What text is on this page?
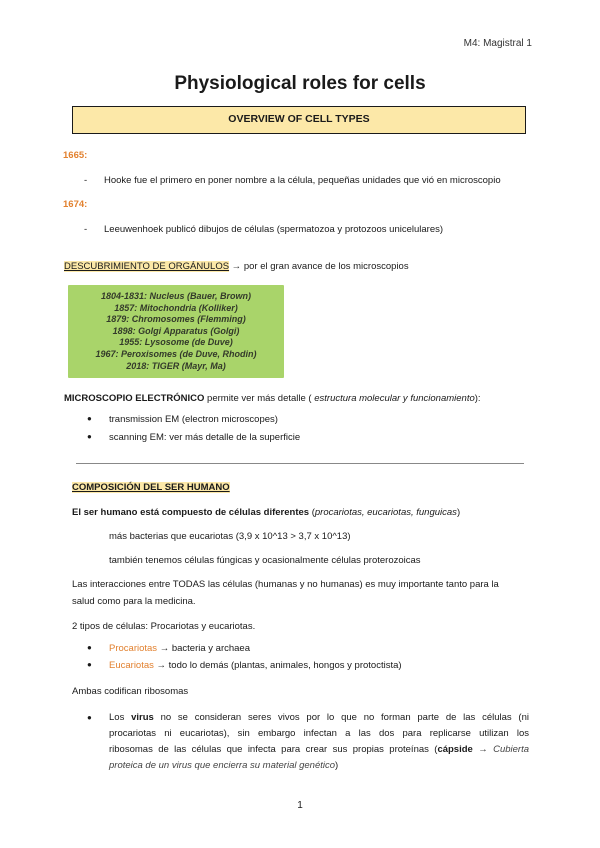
M4: Magistral 1
Physiological roles for cells
OVERVIEW OF CELL TYPES
1665:
- Hooke fue el primero en poner nombre a la célula, pequeñas unidades que vió en microscopio
1674:
- Leeuwenhoek publicó dibujos de células (spermatozoa y protozoos unicelulares)
DESCUBRIMIENTO DE ORGÁNULOS → por el gran avance de los microscopios
1804-1831: Nucleus (Bauer, Brown)
1857: Mitochondria (Kolliker)
1879: Chromosomes (Flemming)
1898: Golgi Apparatus (Golgi)
1955: Lysosome (de Duve)
1967: Peroxisomes (de Duve, Rhodin)
2018: TIGER (Mayr, Ma)
MICROSCOPIO ELECTRÓNICO permite ver más detalle ( estructura molecular y funcionamiento):
● transmission EM (electron microscopes)
● scanning EM: ver más detalle de la superficie
COMPOSICIÓN DEL SER HUMANO
El ser humano está compuesto de células diferentes (procariotas, eucariotas, funguicas)
más bacterias que eucariotas (3,9 x 10^13 > 3,7 x 10^13)
también tenemos células fúngicas y ocasionalmente células proterozoicas
Las interacciones entre TODAS las células (humanas y no humanas) es muy importante tanto para la
salud como para la medicina.
2 tipos de células: Procariotas y eucariotas.
● Procariotas → bacteria y archaea
● Eucariotas → todo lo demás (plantas, animales, hongos y protoctista)
Ambas codifican ribosomas
● Los virus no se consideran seres vivos por lo que no forman parte de las células (ni
procariotas ni eucariotas), sin embargo infectan a las dos para replicarse utilizan los
ribosomas de las células que infecta para crear sus propias proteínas (cápside → Cubierta
proteica de un virus que encierra su material genético)
1
